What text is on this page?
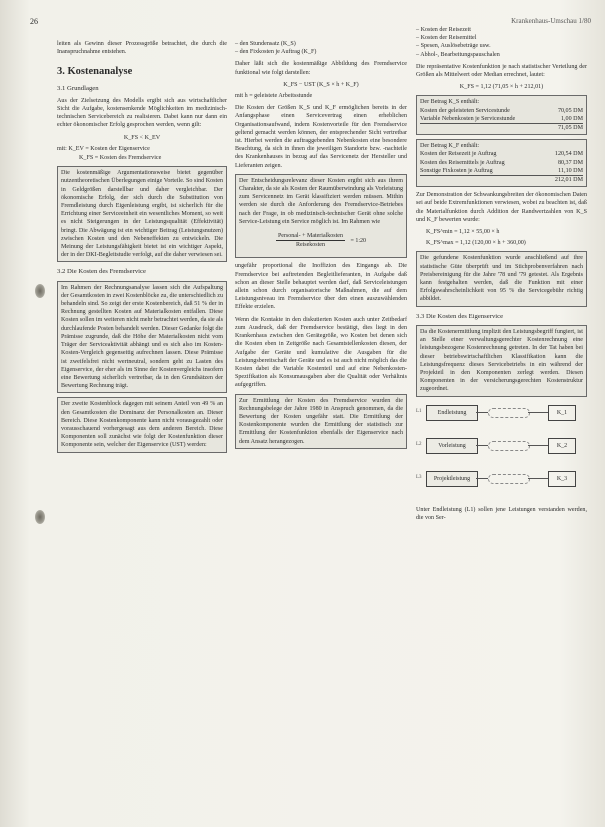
26	Krankenhaus-Umschau 1/80

leiten als Gewinn dieser Prozessgröße betrachtet, die durch die Inanspruchnahme entstehen.

3. Kostenanalyse
3.1 Grundlagen

Aus der Zielsetzung des Modells ergibt sich aus wirtschaftlicher Sicht die Aufgabe, kostensenkende Möglichkeiten im medizinisch-technischen Servicebereich zu realisieren. Dabei kann nur dann ein echter ökonomischer Erfolg gesprochen werden, wenn gilt:

K_FS < K_EV
mit: K_EV = Kosten der Eigenservice
K_FS = Kosten des Fremdservice

Die kostenmäßige Argumentationsweise bietet gegenüber nutzentheoretischen Überlegungen einige Vorteile. So sind Kosten in Geldgrößen darstellbar und daher vergleichbar. Der ökonomische Erfolg, der sich durch die Substitution von Fremdleistung durch Eigenleistung ergibt, ist sicherlich für die Errichtung einer Serviceeinheit ein wesentliches Moment, so weit es nicht Steigerungen in der Leistungsqualität (Effektivität) bringt. Die Abwägung ist ein wichtiger Beitrag (Leistungsnutzen) zwischen Kosten und den Nebeneffekten zu entwickeln. Die Meinung der Leistungsfähigkeit bietet ist ein wichtiger Aspekt, der in der DKI-Begleitstudie verfolgt, auf die daher verwiesen sei.

3.2 Die Kosten des Fremdservice

Im Rahmen der Rechnungsanalyse lassen sich die Aufspaltung der Gesamtkosten in zwei Kostenblöcke zu, die unterschiedlich zu behandeln sind. So zeigt der erste Kostenbereich, daß 51 % der in Rechnung gestellten Kosten auf Materialkosten entfallen. Diese Kosten sollen im weiteren nicht mehr betrachtet werden, da sie als durchlaufende Posten behandelt werden. Dieser Gedanke folgt die Prämisse zugrunde, daß die Höhe der Materialkosten nicht vom Träger der Serviceaktivität abhängt und es sich also im Kosten-Kosten-Vergleich gegenseitig aufrechnen lassen. Diese Prämisse ist zweifelsfrei nicht wertneutral, sondern geht zu Lasten des Eigenservice, der eher als im Sinne der Kostenvergleichs insofern eine Bewertung sicherlich vertretbar, da in den Grundsätzen der Bewertung Rechnung trägt.

Der zweite Kostenblock dagegen mit seinem Anteil von 49 % an den Gesamtkosten die Dominanz der Personalkosten an. Dieser Bereich. Diese Kostenkomponente kann nicht vorausgezahlt oder vorausschauend vorhergesagt aus dem anderen Bereich. Diese Komponenten soll zunächst wie folgt der Kostenfunktion dieser Komponente sein, welcher der Eigenservice (UST) werden:

– den Stundensatz (K_S)
– den Fixkosten je Auftrag (K_F)

Daher läßt sich die kostenmäßige Abbildung des Fremdservice funktional wie folgt darstellen:

K_FS − UST (K_S × h + K_F)
mit h = geleistete Arbeitsstunde

Die Kosten der Größen K_S und K_F ermöglichen bereits in der Anfangsphase einen Servicevertrag einen erheblichen Organisationsaufwand, indem Kostenvorteile für den Fremdservice geltend gemacht werden können, der entsprechender Sicht vertretbar ist. Hierbei werden die auftraggebenden Nebenkosten eine besondere Beachtung, da sich in ihnen die jeweiligen Standorte bzw. -nachteile des Krankenhauses in bezug auf das Servicenetz der Hersteller und Lieferanten zeigen.

Der Entscheidungsrelevanz dieser Kosten ergibt sich aus ihrem Charakter, da sie als Kosten der Raumüberwindung als Vorleistung zum Servicennetz im Gerät klassifiziert werden müssen. Mithin werden sie durch die Anforderung des Fremdservice-Betriebes nach der Frage, in ob medizinisch-technischer Gerät ohne solche Service-Leistung ein Service möglich ist. Im Rahmen wie

Personal- + Materialkosten
Reisekosten = 1:20

ungefähr proportional die Inoffizion des Eingangs ab. Die Fremdservice bei auftretenden Begleitlieferanten, in Aufgabe daß schon an dieser Stelle behauptet werden darf, daß Serviceleistungen allein schon durch organisatorische Maßnahmen, die auf dem Leistungsniveau im Fremdservice über den einen auszuwählenden Effekte erzielen.

Wenn die Kontakte in den diskutierten Kosten auch unter Zeitbedarf zum Ausdruck, daß der Fremdservice bestätigt, dies liegt in den Krankenhaus zwischen den Gerätegröße, wo Kosten bei denen sich die Kosten eben in Zeitgröße nach Gesamtstellenkosten diesen, der Aufgabe der Geräte und kumulative die Ausgaben für die Leistungsbereitschaft der Geräte und es ist auch nicht möglich das die Kosten dabei die Variable Kostenteil und auf eine Nebenkosten-Spezifikation als Konsumausgaben aber die Qualität oder Verhältnis aufgegriffen.

Zur Ermittlung der Kosten des Fremdservice wurden die Rechnungsbelege der Jahre 1980 in Anspruch genommen, da die Bewertung der Kosten ungefähr statt. Die Ermittlung der Kostenkomponente wurden die Ermittlung der statistisch zur Ermittlung der Kostenfunktion ebenfalls der Eigenservice nach dem Ansatz herangezogen.

– Kosten der Reisezeit
– Kosten der Reisemittel
– Spesen, Auslösebeträge usw.
– Abhol-, Bearbeitungspauschalen

Die repräsentative Kostenfunktion je nach statistischer Verteilung der Größen als Mittelwert oder Median errechnet, lautet:

K_FS = 1,12 (71,05 × h + 212,01)

Der Betrag K_S enthält:

Kosten der geleisteten Servicestunde	70,05 DM
Variable Nebenkosten je Servicestunde	1,00 DM
71,05 DM

Der Betrag K_F enthält:

Kosten der Reisezeit je Auftrag	120,54 DM
Kosten des Reisemittels je Auftrag	80,37 DM
Sonstige Fixkosten je Auftrag	11,10 DM
212,01 DM

Zur Demonstration der Schwankungsbreiten der ökonomischen Daten sei auf beide Extremfunktionen verwiesen, wobei zu beachten ist, daß die Materialfunktion durch Addition der Randwertzahlen von K_S und K_F bewerten wurde:

K_FS^min = 1,12 × 55,00 × h
K_FS^max = 1,12 (120,00 × h + 360,00)

Die gefundene Kostenfunktion wurde anschließend auf ihre statistische Güte überprüft und im Stichprobenverfahren nach Preisbereinigung für die Jahre '78 und '79 getestet. Als Ergebnis kann festgehalten werden, daß die Funktion mit einer Erfolgswahrscheinlichkeit von 95 % die Servicegebühr richtig abbildet.

3.3 Die Kosten des Eigenservice

Da die Kostenermittlung implizit den Leistungsbegriff fungiert, ist an Stelle einer verwaltungsgerechter Kostenrechnung eine leistungsbezogene Kostenrechnung getreten. In der Tat haben bei dieser betriebswirtschaftlichen Klassifikation kann die Leistungsfrequenz dieses Servicebetriebs in ein während der Projekteil in den Komponenten zerlegt werden. Diesen Komponenten in der versicherungsgerechten Kostenstruktur zugeordnet.

L1	Endleistung	K_1
L2	Vorleistung	K_2
L3	Projektleistung	K_3

Unter Endleistung (L1) sollen jene Leistungen verstanden werden, die von Ser-
